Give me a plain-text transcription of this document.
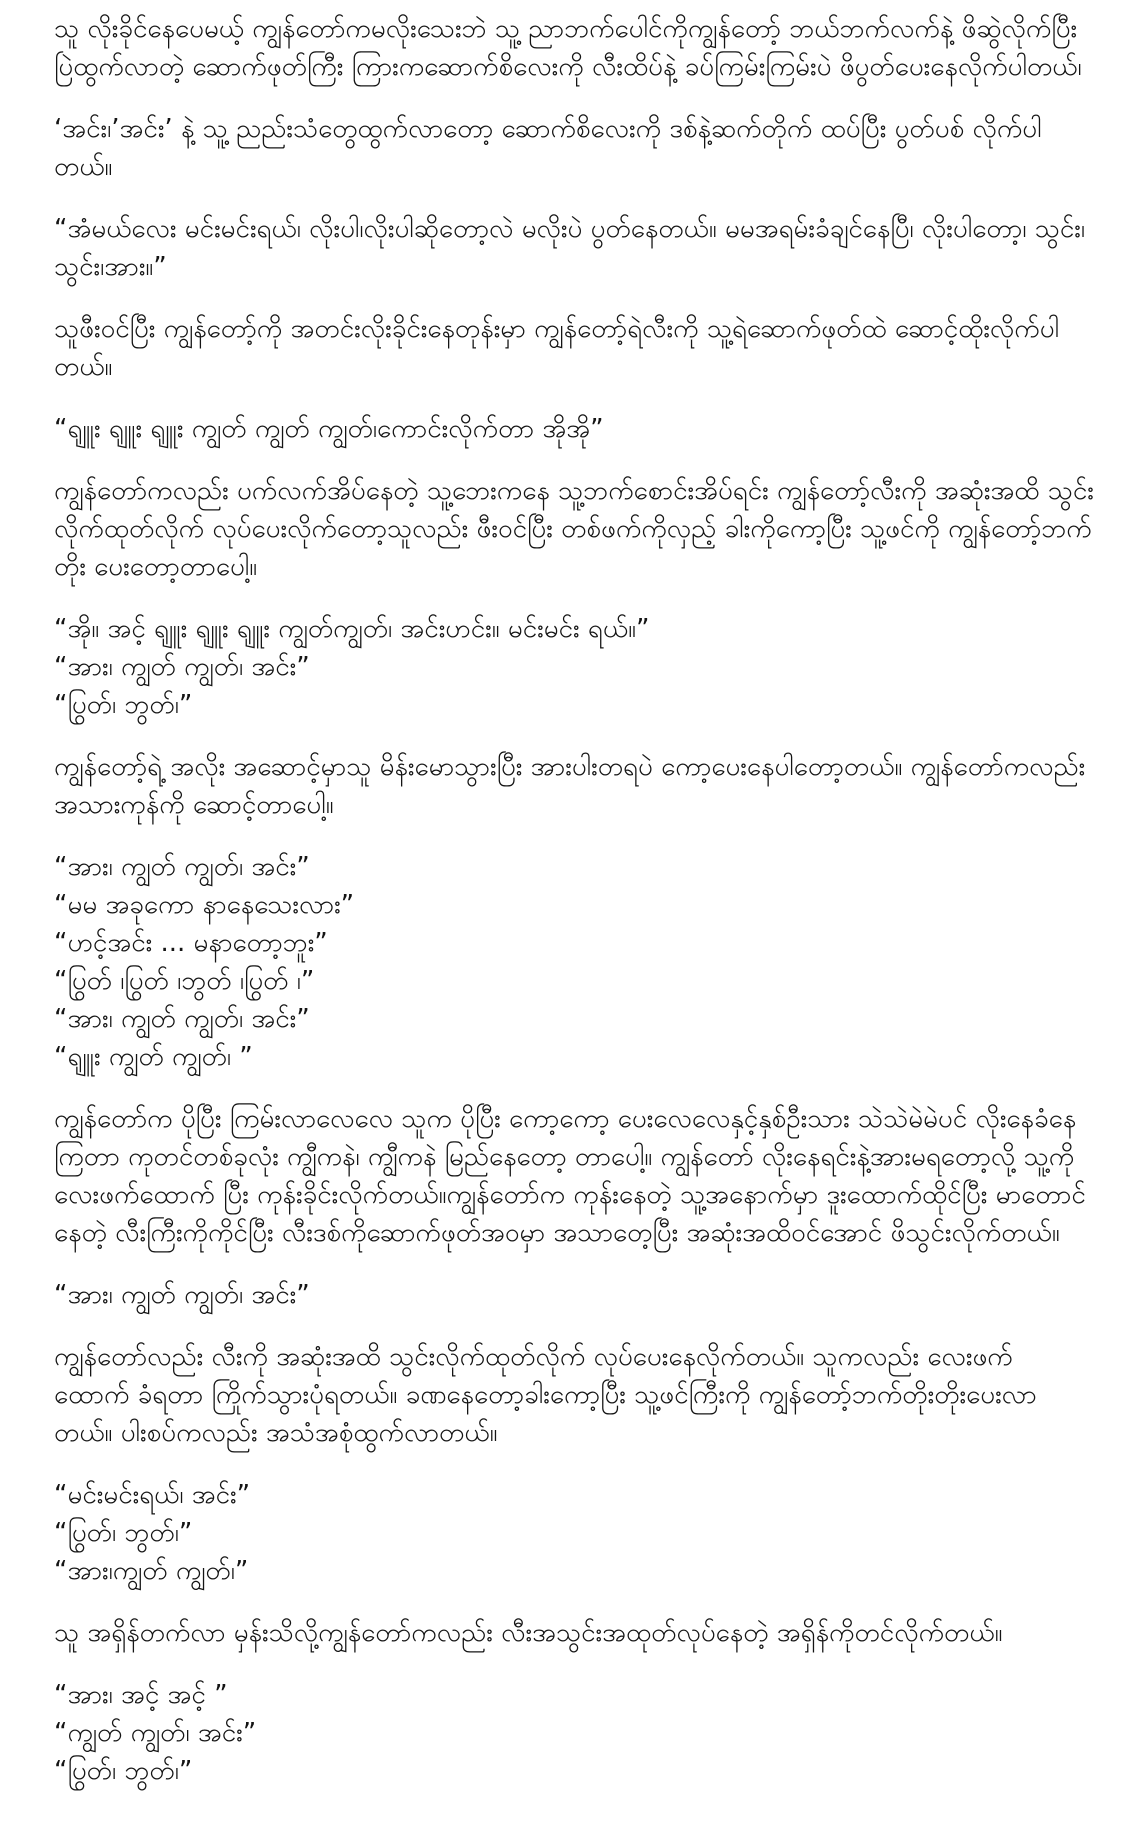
သူ လိုးခိုင်နေပေမယ့် ကျွန်တော်ကမလိုးသေးဘဲ သူ့ ညာဘက်ပေါင်ကိုကျွန်တော့် ဘယ်ဘက်လက်နဲ့ ဖိဆွဲလိုက်ပြီး ပြဲထွက်လာတဲ့ ဆောက်ဖုတ်ကြီး ကြားကဆောက်စိလေးကို လီးထိပ်နဲ့ ခပ်ကြမ်းကြမ်းပဲ ဖိပွတ်ပေးနေလိုက်ပါတယ်၊

‘အင်း၊’အင်း’ နဲ့ သူ့ ညည်းသံတွေထွက်လာတော့ ဆောက်စိလေးကို ဒစ်နဲ့ဆက်တိုက် ထပ်ပြီး ပွတ်ပစ် လိုက်ပါတယ်။

“အံမယ်လေး မင်းမင်းရယ်၊ လိုးပါ၊လိုးပါဆိုတော့လဲ မလိုးပဲ ပွတ်နေတယ်။ မမအရမ်းခံချင်နေပြီ၊ လိုးပါတော့၊ သွင်း၊ သွင်း၊အား။”

သူဖီးဝင်ပြီး ကျွန်တော့်ကို အတင်းလိုးခိုင်းနေတုန်းမှာ ကျွန်တော့်ရဲလီးကို သူ့ရဲဆောက်ဖုတ်ထဲ ဆောင့်ထိုးလိုက်ပါတယ်။

“ရျူး ရျူး ရျူး ကျွတ် ကျွတ် ကျွတ်၊ကောင်းလိုက်တာ အိုအို”

ကျွန်တော်ကလည်း ပက်လက်အိပ်နေတဲ့ သူ့ဘေးကနေ သူ့ဘက်စောင်းအိပ်ရင်း ကျွန်တော့်လီးကို အဆုံးအထိ သွင်းလိုက်ထုတ်လိုက် လုပ်ပေးလိုက်တော့သူလည်း ဖီးဝင်ပြီး တစ်ဖက်ကိုလှည့် ခါးကိုကော့ပြီး သူ့ဖင်ကို ကျွန်တော့်ဘက် တိုး ပေးတော့တာပေါ့။

“အို။ အင့် ရျူး ရျူး ရျူး ကျွတ်ကျွတ်၊ အင်းဟင်း။ မင်းမင်း ရယ်။”

“အား၊ ကျွတ် ကျွတ်၊ အင်း”

“ပြွတ်၊ ဘွတ်၊”

ကျွန်တော့်ရဲ့ အလိုး အဆောင့်မှာသူ မိန်းမောသွားပြီး အားပါးတရပဲ ကော့ပေးနေပါတော့တယ်။ ကျွန်တော်ကလည်း အသားကုန်ကို ဆောင့်တာပေါ့။

“အား၊ ကျွတ် ကျွတ်၊ အင်း”

“မမ အခုကော နာနေသေးလား”

“ဟင့်အင်း ... မနာတော့ဘူး”

“ပြွတ် ၊ပြွတ် ၊ဘွတ် ၊ပြွတ် ၊”

“အား၊ ကျွတ် ကျွတ်၊ အင်း”

“ရျူး ကျွတ် ကျွတ်၊ ”

ကျွန်တော်က ပိုပြီး ကြမ်းလာလေလေ သူက ပိုပြီး ကော့ကော့ ပေးလေလေနှင့်နှစ်ဦးသား သဲသဲမဲမဲပင် လိုးနေခံနေကြတာ ကုတင်တစ်ခုလုံး ကျွီကနဲ၊ ကျွီကနဲ မြည်နေတော့ တာပေါ့။ ကျွန်တော် လိုးနေရင်းနဲ့အားမရတော့လို့ သူ့ကို လေးဖက်ထောက် ပြီး ကုန်းခိုင်းလိုက်တယ်။ကျွန်တော်က ကုန်းနေတဲ့ သူ့အနောက်မှာ ဒူးထောက်ထိုင်ပြီး မာတောင်နေတဲ့ လီးကြီးကိုကိုင်ပြီး လီးဒစ်ကိုဆောက်ဖုတ်အဝမှာ အသာတေ့ပြီး အဆုံးအထိဝင်အောင် ဖိသွင်းလိုက်တယ်။

“အား၊ ကျွတ် ကျွတ်၊ အင်း”

ကျွန်တော်လည်း လီးကို အဆုံးအထိ သွင်းလိုက်ထုတ်လိုက် လုပ်ပေးနေလိုက်တယ်။ သူကလည်း လေးဖက် ထောက် ခံရတာ ကြိုက်သွားပုံရတယ်။ ခဏနေတော့ခါးကော့ပြီး သူ့ဖင်ကြီးကို ကျွန်တော့်ဘက်တိုးတိုးပေးလာတယ်။ ပါးစပ်ကလည်း အသံအစုံထွက်လာတယ်။

“မင်းမင်းရယ်၊ အင်း”

“ပြွတ်၊ ဘွတ်၊”

“အား၊ကျွတ် ကျွတ်၊”

သူ အရှိန်တက်လာ မှန်းသိလို့ကျွန်တော်ကလည်း လီးအသွင်းအထုတ်လုပ်နေတဲ့ အရှိန်ကိုတင်လိုက်တယ်။

“အား၊ အင့် အင့် ”

“ကျွတ် ကျွတ်၊ အင်း”

“ပြွတ်၊ ဘွတ်၊”
